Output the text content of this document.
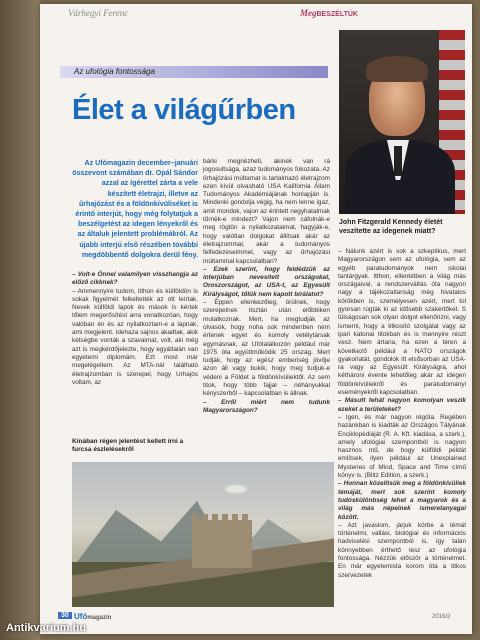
Várhegyi Ferenc	MegBESZÉLTÜK
Az ufológia fontossága
Élet a világűrben
John Fitzgerald Kennedy életét veszítette az idegenek miatt?
Az Ufómagazin december–januári összevont számában dr. Opál Sándor azzal az ígérettel zárta a vele készített életrajzi, illetve az űrhajózást és a földönkívüliséket is érintő interjút, hogy még folytatjuk a beszélgetést az idegen lényekről és az általuk jelentett problémákról. Az újabb interjú első részében további megdöbbentő dolgokra derül fény.

– Volt-e Önnel valamilyen visszhangja az előző cikknek?

– Ammennyire tudom, itthon és külföldön is sokak figyelmét felkeltették az ott leírtak. Nevek külföldi lapok és mások is kértek tőlem megerősítést arra vonatkozóan, hogy valóban én és az nyilatkoztam-e a lapnak, ami megjelent. Idehaza sajnos akadtak, akik kétségbe vonták a szavaimat, volt, aki még azt is megkérdőjelezte, hogy egyáltalán van egyetemi diplomám. Ezt most már megelégeltem. Az MTA-nál található életrajzomban is szerepel, hogy Urhajós voltam, az

bárki megnézheti, akinek van rá jogosultsága, azaz tudományos fokozata. Az űrhajózási múltamat is tartalmazó életrajzom ezen kívül olvasható USA Kalifornia Állam Tudományos Akadémiájának honlapján is. Mindenki gondolja végig, ha nem lenne igaz, amit mondok, vajon az érintett negyhatalmak tűrnék-e mindezt? Vajon nem cáfolnák-e meg rögtön a nyilatkozataimat, hagyják-e, hogy valótlan dolgokat állítsak akár az életrajzommal, akár a tudományos felfedezéseimmel, vagy az űrhajózási múltammal kapcsolatban?

– Ezek szerint, hogy feldédzük az interjúban nevesített országokat, Oroszországot, az USA-t, az Egyesült Királyságot, tőlük nem kapott bírálatot?

– Éppen ellenkezőleg, örülnek, hogy szerepelnek tisztán után előbbiken mutatkoznak. Mert, ha megtudják az olvasók, hogy noha sok mindenben nem értenek egyet és komoly vetélytársak egymásnak, az Ufótalálkozón például már 1975 óta együttműködik 25 ország. Mert tudják, hogy az egész emberiség jövője azon áll vagy bukik, hogy meg tudjuk-e védeni a Földet a földönkívüliektől. Az sem titok, hogy több fajjal – néhányukkal kényszerből – kapcsolatban is állnak.

– Erről miért nem tudunk Magyarországon?

– Nálunk azért is sok a szkeptikus, mert Magyarországon sem az ufológia, sem az egyéb paratudományok nem iskolai tantárgyak. Itthon, ellentétben a világ más országaival, a rendszerváltás óta nagyon nagy a tájékozatlanság még hivatalos körökben is, személyesen azért, mert túl gyorsan rúgták ki az idősebb szakértőket. S tülságosan sok olyan dolgot ellenőrizni, vagy ismerni, hogy a titkosító szolgálat vagy az ipari katonai titokban és is mennyire részt vesz. Nem ártana, ha ezen a téren a következő például a NATO országok gyakorlatát, gondolok itt elsősorban az USA-ra vagy az Egyesült Királyságra, ahol kéthároni évente lehetőleg akár az idegen földönkívüliekről és paratudományi eseményekről kapcsolatban.

– Másutt tehát nagyon komolyan veszik ezeket a területeket?

– Igen, és már nagyon régóta. Regében hazánkban is kiadták az Országos Tályának Enciklopédiáját (R. A. Kft. kiadása, a szerk.), amely ufológiai szempontból is nagyon hasznos mű, de hogy külföldi példát említsek, ilyen például az Unexplained Mysteries of Mind, Space and Time című könyv is. (Blitz Edition, a szerk.)

– Honnan közelítsük meg a földönkívüliek témáját, mert sok szerint komoly tudóskülönbség lehet a magyarok és a világ más népeinek ismeretanyagai között.

– Azt javaslom, járjuk körbe a témát történelmi, vallási, biológiai és információs hadviselési szempontból is, így talán könnyebben érthető lesz az ufológia fontossága. Nézzük először a történelmet. En már egyetemista korom óta a titkos szervezetek

Kínában régen jelentést kellett írni a furcsa észlelésekről
30 Ufómagazin	2016/2
Antikvarium.hu
